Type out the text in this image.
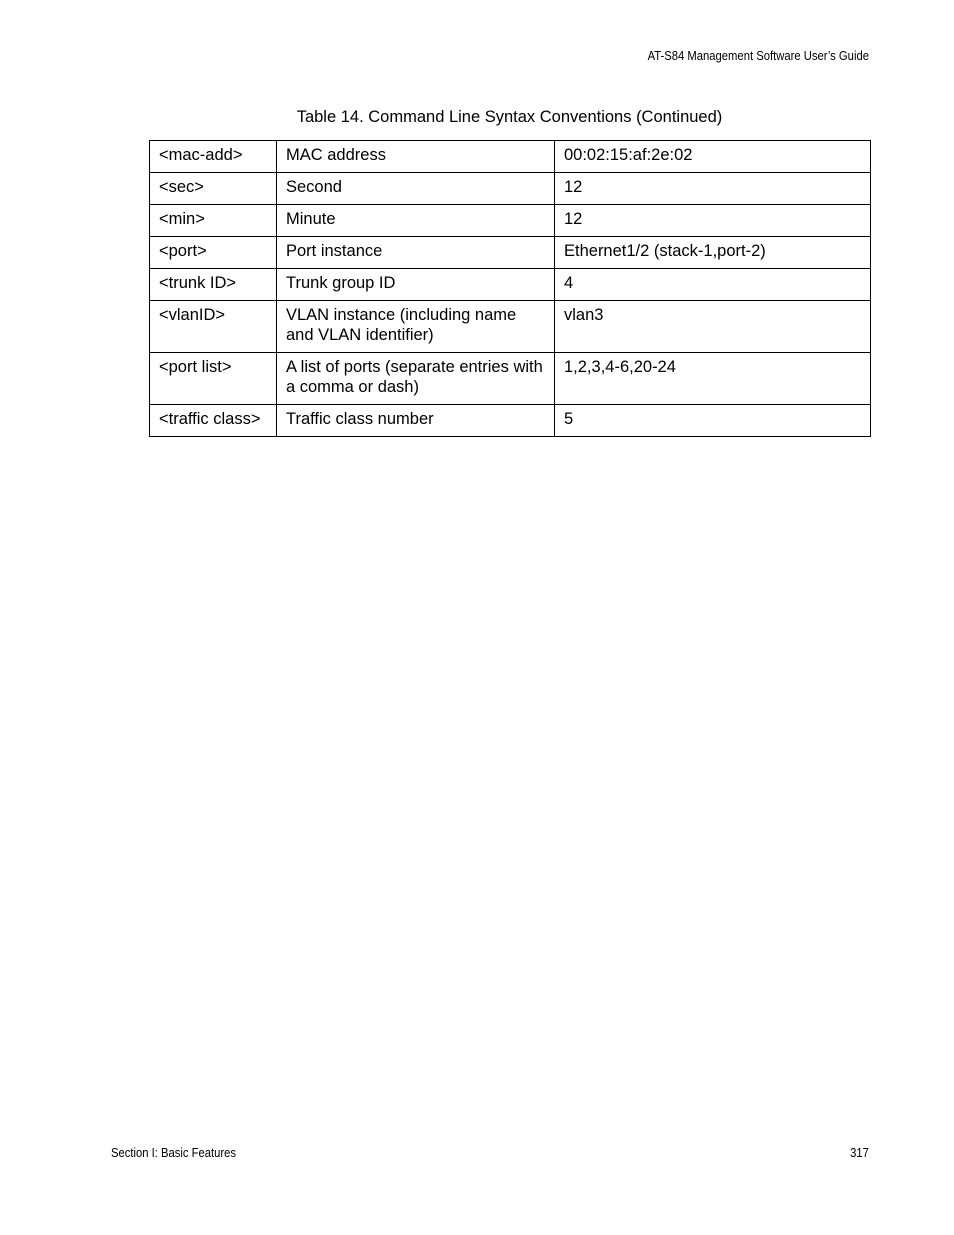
AT-S84 Management Software User’s Guide
Table 14. Command Line Syntax Conventions (Continued)
<mac-add>	MAC address	00:02:15:af:2e:02
<sec>	Second	12
<min>	Minute	12
<port>	Port instance	Ethernet1/2 (stack-1,port-2)
<trunk ID>	Trunk group ID	4
<vlanID>	VLAN instance (including name and VLAN identifier)	vlan3
<port list>	A list of ports (separate entries with a comma or dash)	1,2,3,4-6,20-24
<traffic class>	Traffic class number	5
Section I: Basic Features	317
